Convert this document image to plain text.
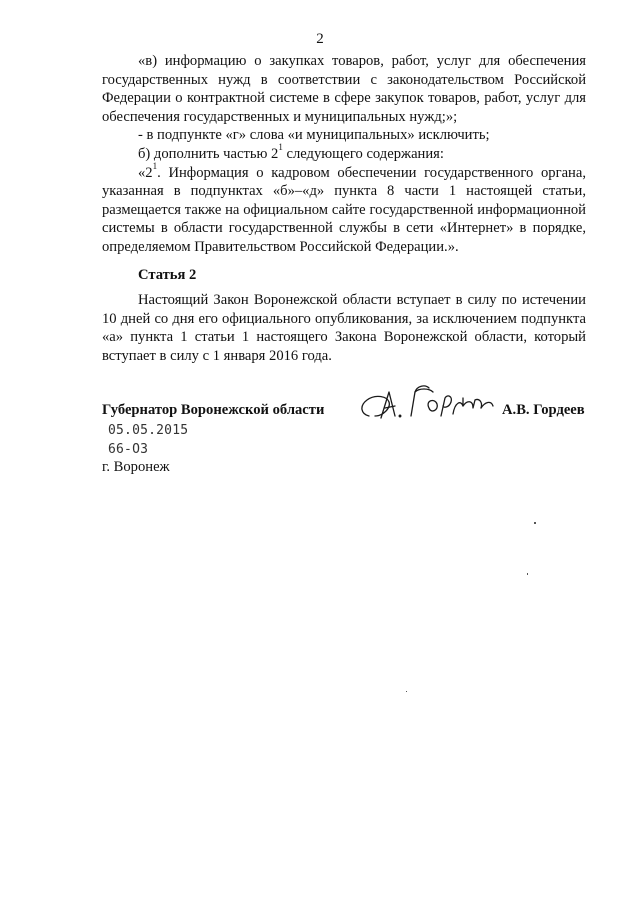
2

«в) информацию о закупках товаров, работ, услуг для обеспечения государственных нужд в соответствии с законодательством Российской Федерации о контрактной системе в сфере закупок товаров, работ, услуг для обеспечения государственных и муниципальных нужд;»;

- в подпункте «г» слова «и муниципальных» исключить;

б) дополнить частью $2^1$ следующего содержания:

«$2^1$. Информация о кадровом обеспечении государственного органа, указанная в подпунктах «б»–«д» пункта 8 части 1 настоящей статьи, размещается также на официальном сайте государственной информационной системы в области государственной службы в сети «Интернет» в порядке, определяемом Правительством Российской Федерации.».

Статья 2

Настоящий Закон Воронежской области вступает в силу по истечении 10 дней со дня его официального опубликования, за исключением подпункта «а» пункта 1 статьи 1 настоящего Закона Воронежской области, который вступает в силу с 1 января 2016 года.

Губернатор Воронежской области	А.В. Гордеев
05.05.2015
66-ОЗ
г. Воронеж
